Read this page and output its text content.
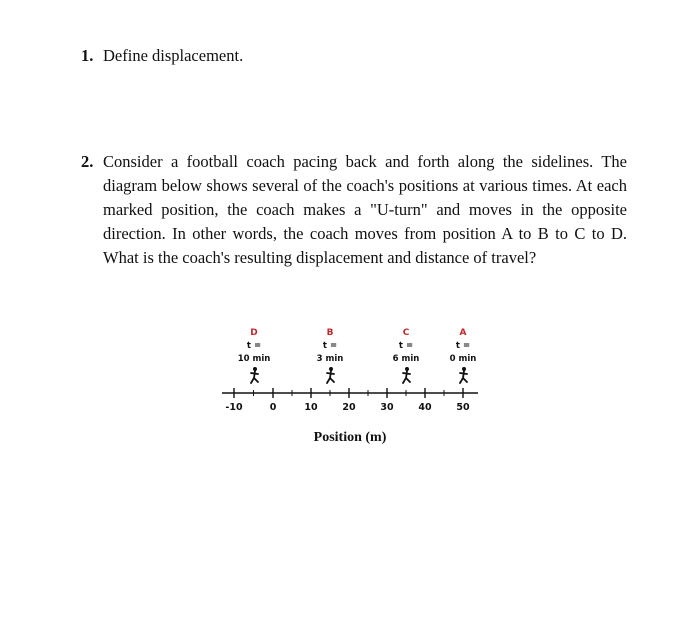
1. Define displacement.
2. Consider a football coach pacing back and forth along the sidelines. The diagram below shows several of the coach's positions at various times. At each marked position, the coach makes a "U-turn" and moves in the opposite direction. In other words, the coach moves from position A to B to C to D. What is the coach's resulting displacement and distance of travel?
-10	0	10	20	30	40	50
D
t =
10 min
B
t =
3 min
C
t =
6 min
A
t =
0 min
Position (m)
